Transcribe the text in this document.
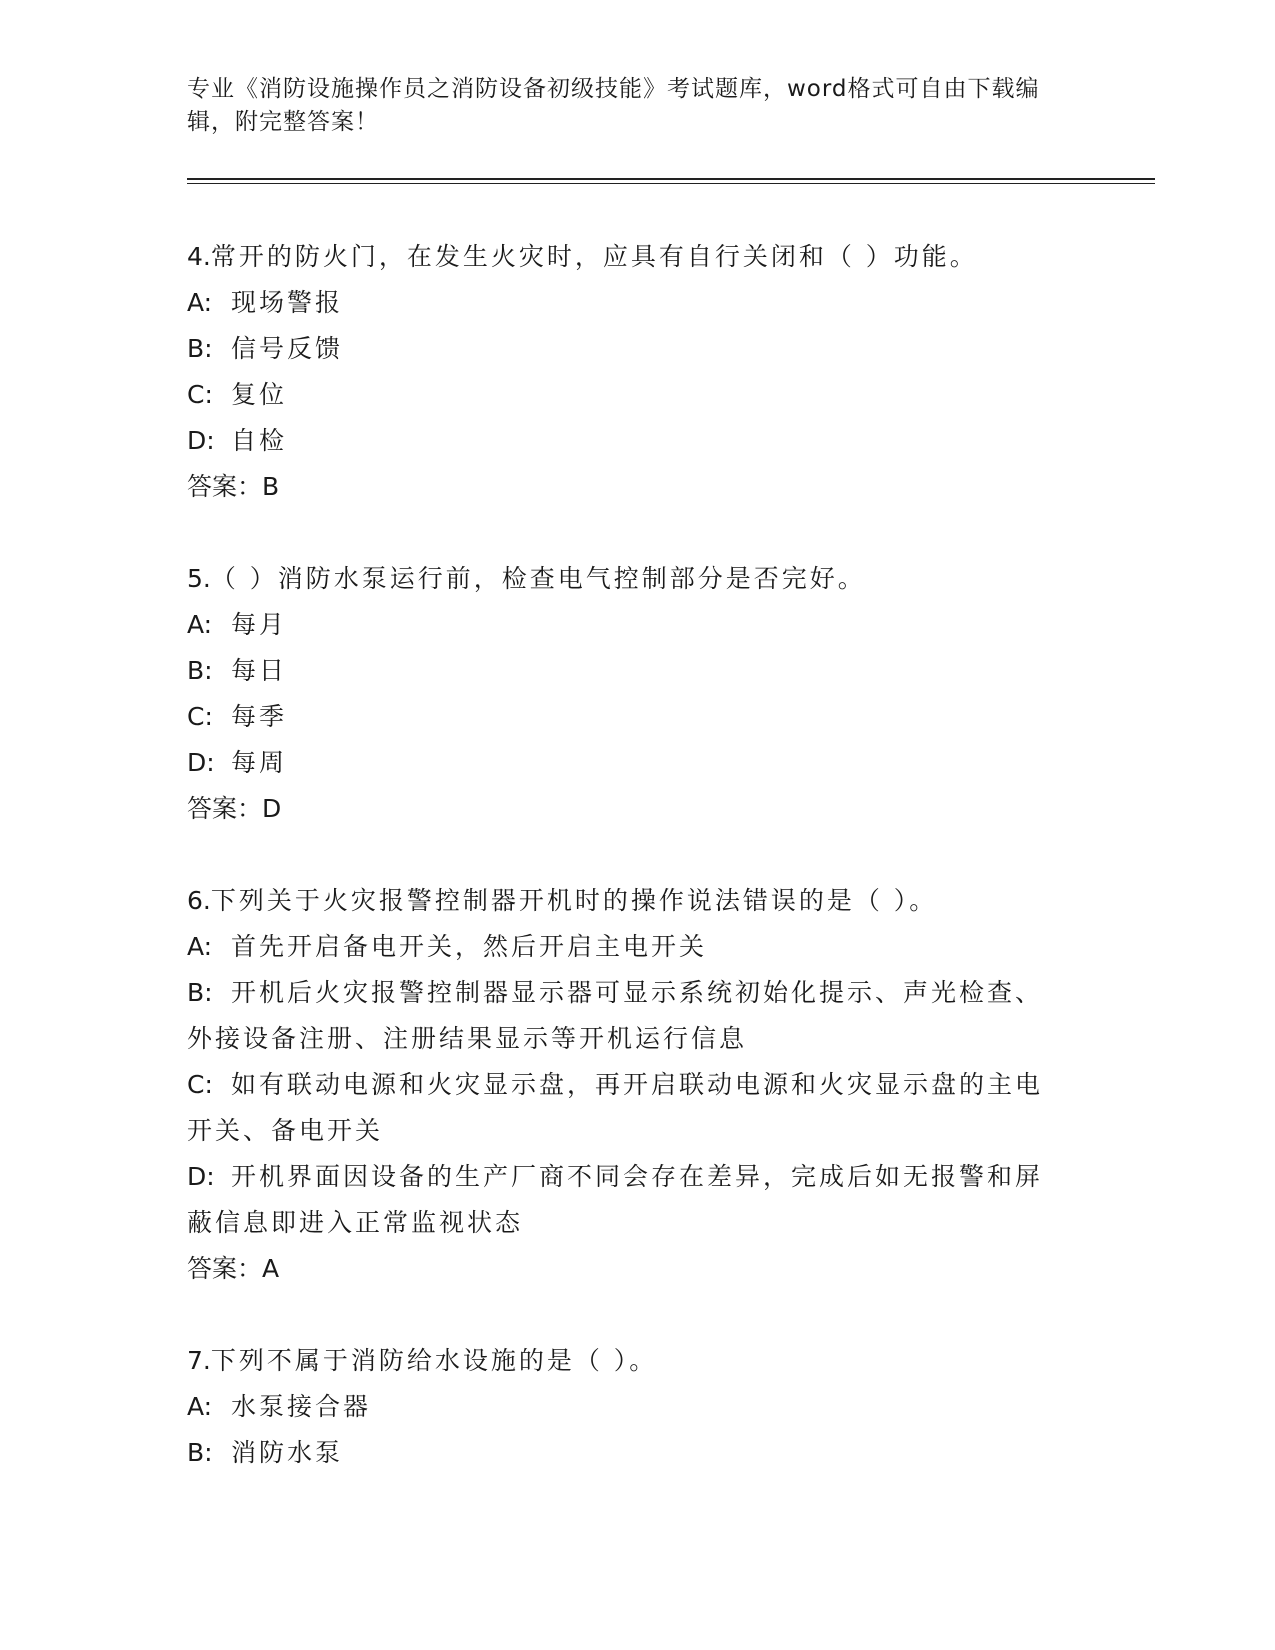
专业《消防设施操作员之消防设备初级技能》考试题库，word格式可自由下载编
辑，附完整答案！
4.常开的防火门，在发生火灾时，应具有自行关闭和（ ）功能。
A: 现场警报
B: 信号反馈
C: 复位
D: 自检
答案：B
5.（ ）消防水泵运行前，检查电气控制部分是否完好。
A: 每月
B: 每日
C: 每季
D: 每周
答案：D
6.下列关于火灾报警控制器开机时的操作说法错误的是（ ）。
A: 首先开启备电开关，然后开启主电开关
B: 开机后火灾报警控制器显示器可显示系统初始化提示、声光检查、
外接设备注册、注册结果显示等开机运行信息
C: 如有联动电源和火灾显示盘，再开启联动电源和火灾显示盘的主电
开关、备电开关
D: 开机界面因设备的生产厂商不同会存在差异，完成后如无报警和屏
蔽信息即进入正常监视状态
答案：A
7.下列不属于消防给水设施的是（ ）。
A: 水泵接合器
B: 消防水泵
